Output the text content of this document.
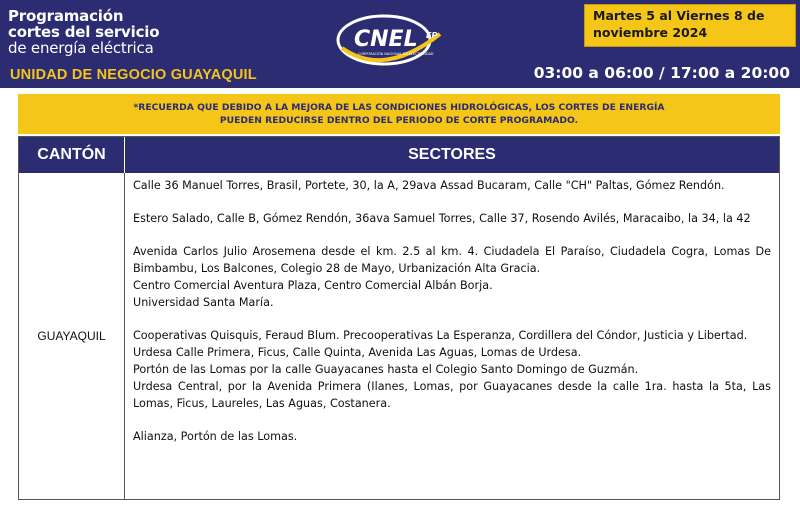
Programación
cortes del servicio
de energía eléctrica
UNIDAD DE NEGOCIO GUAYAQUIL
CNEL EP
CORPORACIÓN NACIONAL DE ELECTRICIDAD
Martes 5 al Viernes 8 de
noviembre 2024
03:00 a 06:00 / 17:00 a 20:00
*RECUERDA QUE DEBIDO A LA MEJORA DE LAS CONDICIONES HIDROLÓGICAS, LOS CORTES DE ENERGÍA
PUEDEN REDUCIRSE DENTRO DEL PERIODO DE CORTE PROGRAMADO.
CANTÓN	SECTORES
GUAYAQUIL
Calle 36 Manuel Torres, Brasil, Portete, 30, la A, 29ava Assad Bucaram, Calle "CH" Paltas, Gómez Rendón.
Estero Salado, Calle B, Gómez Rendón, 36ava Samuel Torres, Calle 37, Rosendo Avilés, Maracaibo, la 34, la 42
Avenida Carlos Julio Arosemena desde el km. 2.5 al km. 4. Ciudadela El Paraíso, Ciudadela Cogra, Lomas De Bimbambu, Los Balcones, Colegio 28 de Mayo, Urbanización Alta Gracia.
Centro Comercial Aventura Plaza, Centro Comercial Albán Borja.
Universidad Santa María.
Cooperativas Quisquis, Feraud Blum. Precooperativas La Esperanza, Cordillera del Cóndor, Justicia y Libertad.
Urdesa Calle Primera, Ficus, Calle Quinta, Avenida Las Aguas, Lomas de Urdesa.
Portón de las Lomas por la calle Guayacanes hasta el Colegio Santo Domingo de Guzmán.
Urdesa Central, por la Avenida Primera (Ilanes, Lomas, por Guayacanes desde la calle 1ra. hasta la 5ta, Las Lomas, Ficus, Laureles, Las Aguas, Costanera.
Alianza, Portón de las Lomas.
